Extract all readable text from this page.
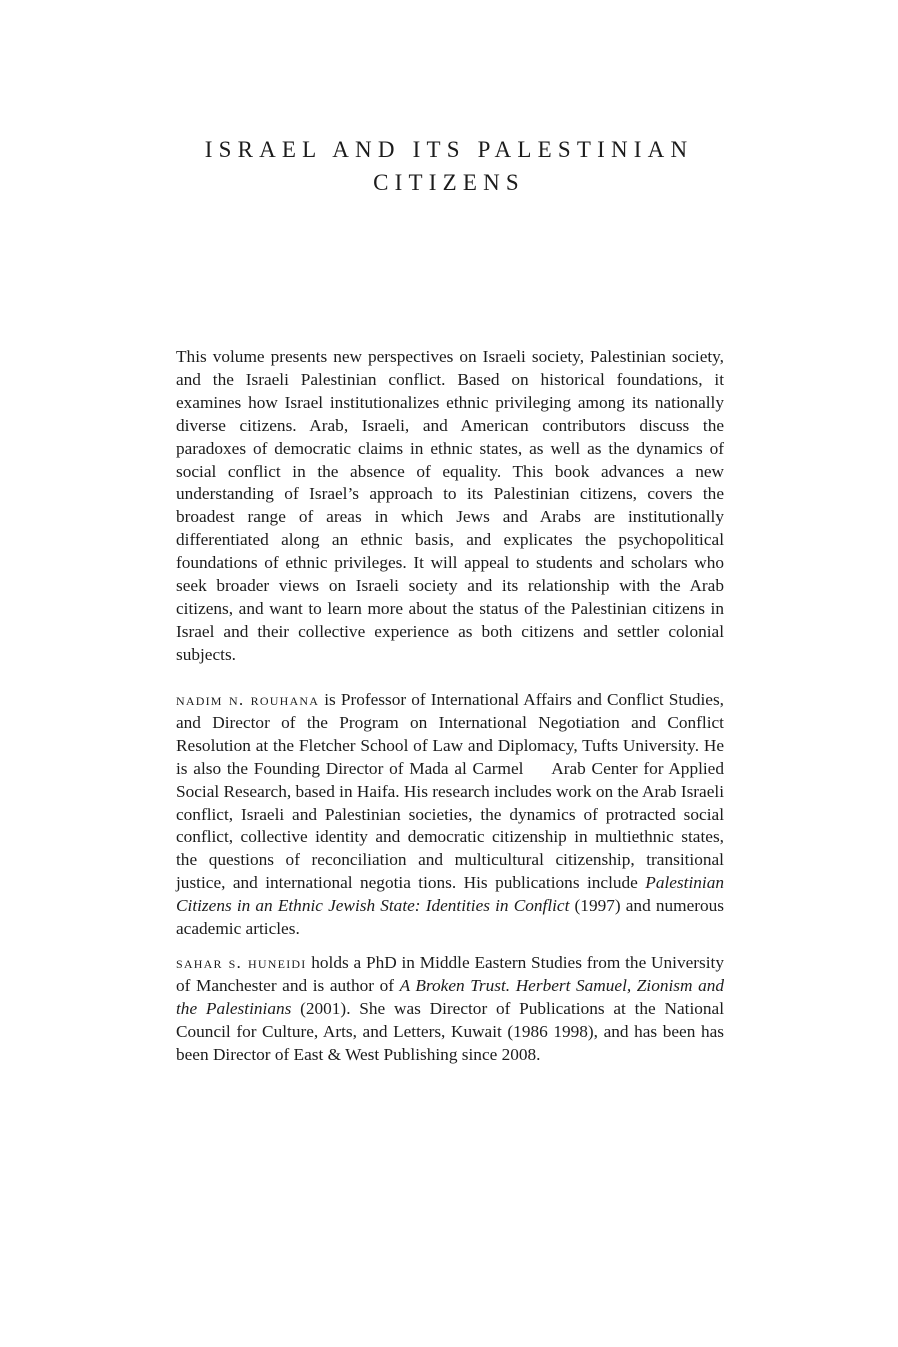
ISRAEL AND ITS PALESTINIAN
CITIZENS

This volume presents new perspectives on Israeli society, Palestinian society, and the Israeli Palestinian conflict. Based on historical foundations, it examines how Israel institutionalizes ethnic privileging among its nationally diverse citizens. Arab, Israeli, and American contributors discuss the paradoxes of democratic claims in ethnic states, as well as the dynamics of social conflict in the absence of equality. This book advances a new understanding of Israel’s approach to its Palestinian citizens, covers the broadest range of areas in which Jews and Arabs are institutionally differentiated along an ethnic basis, and explicates the psychopolitical foundations of ethnic privileges. It will appeal to students and scholars who seek broader views on Israeli society and its relationship with the Arab citizens, and want to learn more about the status of the Palestinian citizens in Israel and their collective experience as both citizens and settler colonial subjects.

nadim n. rouhana is Professor of International Affairs and Conflict Studies, and Director of the Program on International Negotiation and Conflict Resolution at the Fletcher School of Law and Diplomacy, Tufts University. He is also the Founding Director of Mada al Carmel   Arab Center for Applied Social Research, based in Haifa. His research includes work on the Arab Israeli conflict, Israeli and Palestinian societies, the dynamics of protracted social conflict, collective identity and democratic citizenship in multiethnic states, the questions of reconciliation and multicultural citizenship, transitional justice, and international negotia tions. His publications include Palestinian Citizens in an Ethnic Jewish State: Identities in Conflict (1997) and numerous academic articles.

sahar s. huneidi holds a PhD in Middle Eastern Studies from the University of Manchester and is author of A Broken Trust. Herbert Samuel, Zionism and the Palestinians (2001). She was Director of Publications at the National Council for Culture, Arts, and Letters, Kuwait (1986 1998), and has been has been Director of East & West Publishing since 2008.
